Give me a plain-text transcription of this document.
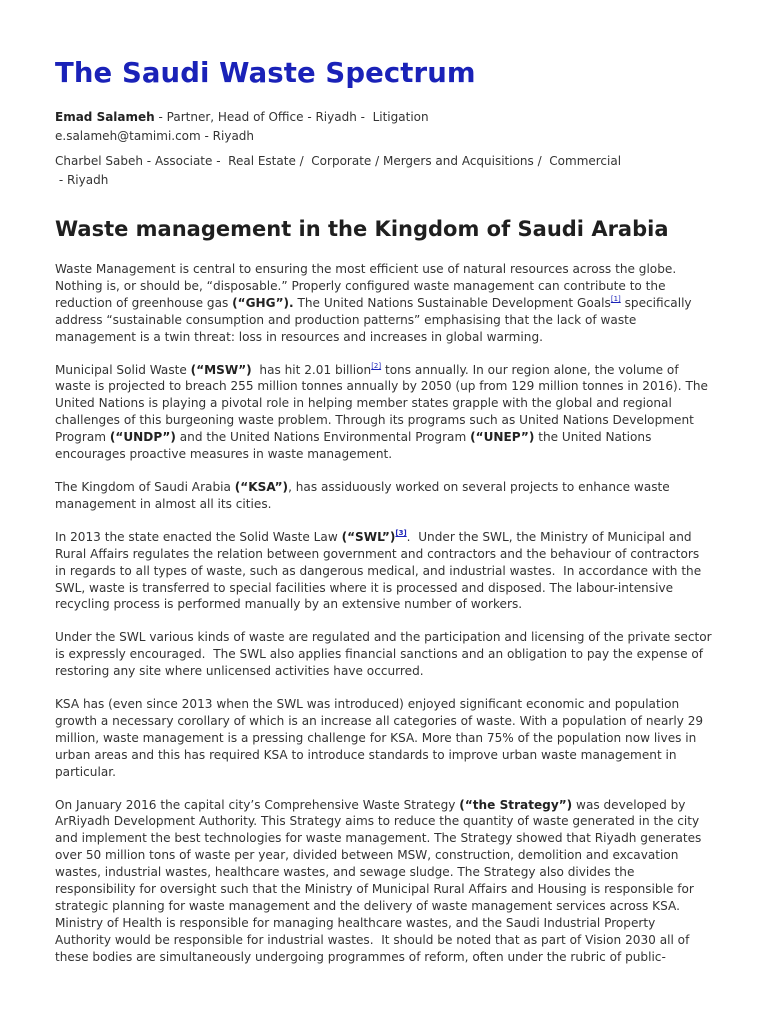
The Saudi Waste Spectrum

Emad Salameh - Partner, Head of Office - Riyadh -  Litigation

e.salameh@tamimi.com - Riyadh

Charbel Sabeh - Associate -  Real Estate /  Corporate / Mergers and Acquisitions /  Commercial

- Riyadh

Waste management in the Kingdom of Saudi Arabia

Waste Management is central to ensuring the most efficient use of natural resources across the globe. Nothing is, or should be, “disposable.” Properly configured waste management can contribute to the reduction of greenhouse gas (“GHG”). The United Nations Sustainable Development Goals[1] specifically address “sustainable consumption and production patterns” emphasising that the lack of waste management is a twin threat: loss in resources and increases in global warming.

Municipal Solid Waste (“MSW”)  has hit 2.01 billion[2] tons annually. In our region alone, the volume of waste is projected to breach 255 million tonnes annually by 2050 (up from 129 million tonnes in 2016). The United Nations is playing a pivotal role in helping member states grapple with the global and regional challenges of this burgeoning waste problem. Through its programs such as United Nations Development Program (“UNDP”) and the United Nations Environmental Program (“UNEP”) the United Nations encourages proactive measures in waste management.

The Kingdom of Saudi Arabia (“KSA”), has assiduously worked on several projects to enhance waste management in almost all its cities.

In 2013 the state enacted the Solid Waste Law (“SWL”)[3].  Under the SWL, the Ministry of Municipal and Rural Affairs regulates the relation between government and contractors and the behaviour of contractors in regards to all types of waste, such as dangerous medical, and industrial wastes.  In accordance with the SWL, waste is transferred to special facilities where it is processed and disposed. The labour-intensive recycling process is performed manually by an extensive number of workers.

Under the SWL various kinds of waste are regulated and the participation and licensing of the private sector is expressly encouraged.  The SWL also applies financial sanctions and an obligation to pay the expense of restoring any site where unlicensed activities have occurred.

KSA has (even since 2013 when the SWL was introduced) enjoyed significant economic and population growth a necessary corollary of which is an increase all categories of waste. With a population of nearly 29 million, waste management is a pressing challenge for KSA. More than 75% of the population now lives in urban areas and this has required KSA to introduce standards to improve urban waste management in particular.

On January 2016 the capital city’s Comprehensive Waste Strategy (“the Strategy”) was developed by ArRiyadh Development Authority. This Strategy aims to reduce the quantity of waste generated in the city and implement the best technologies for waste management. The Strategy showed that Riyadh generates over 50 million tons of waste per year, divided between MSW, construction, demolition and excavation wastes, industrial wastes, healthcare wastes, and sewage sludge. The Strategy also divides the responsibility for oversight such that the Ministry of Municipal Rural Affairs and Housing is responsible for strategic planning for waste management and the delivery of waste management services across KSA. Ministry of Health is responsible for managing healthcare wastes, and the Saudi Industrial Property Authority would be responsible for industrial wastes.  It should be noted that as part of Vision 2030 all of these bodies are simultaneously undergoing programmes of reform, often under the rubric of public-
